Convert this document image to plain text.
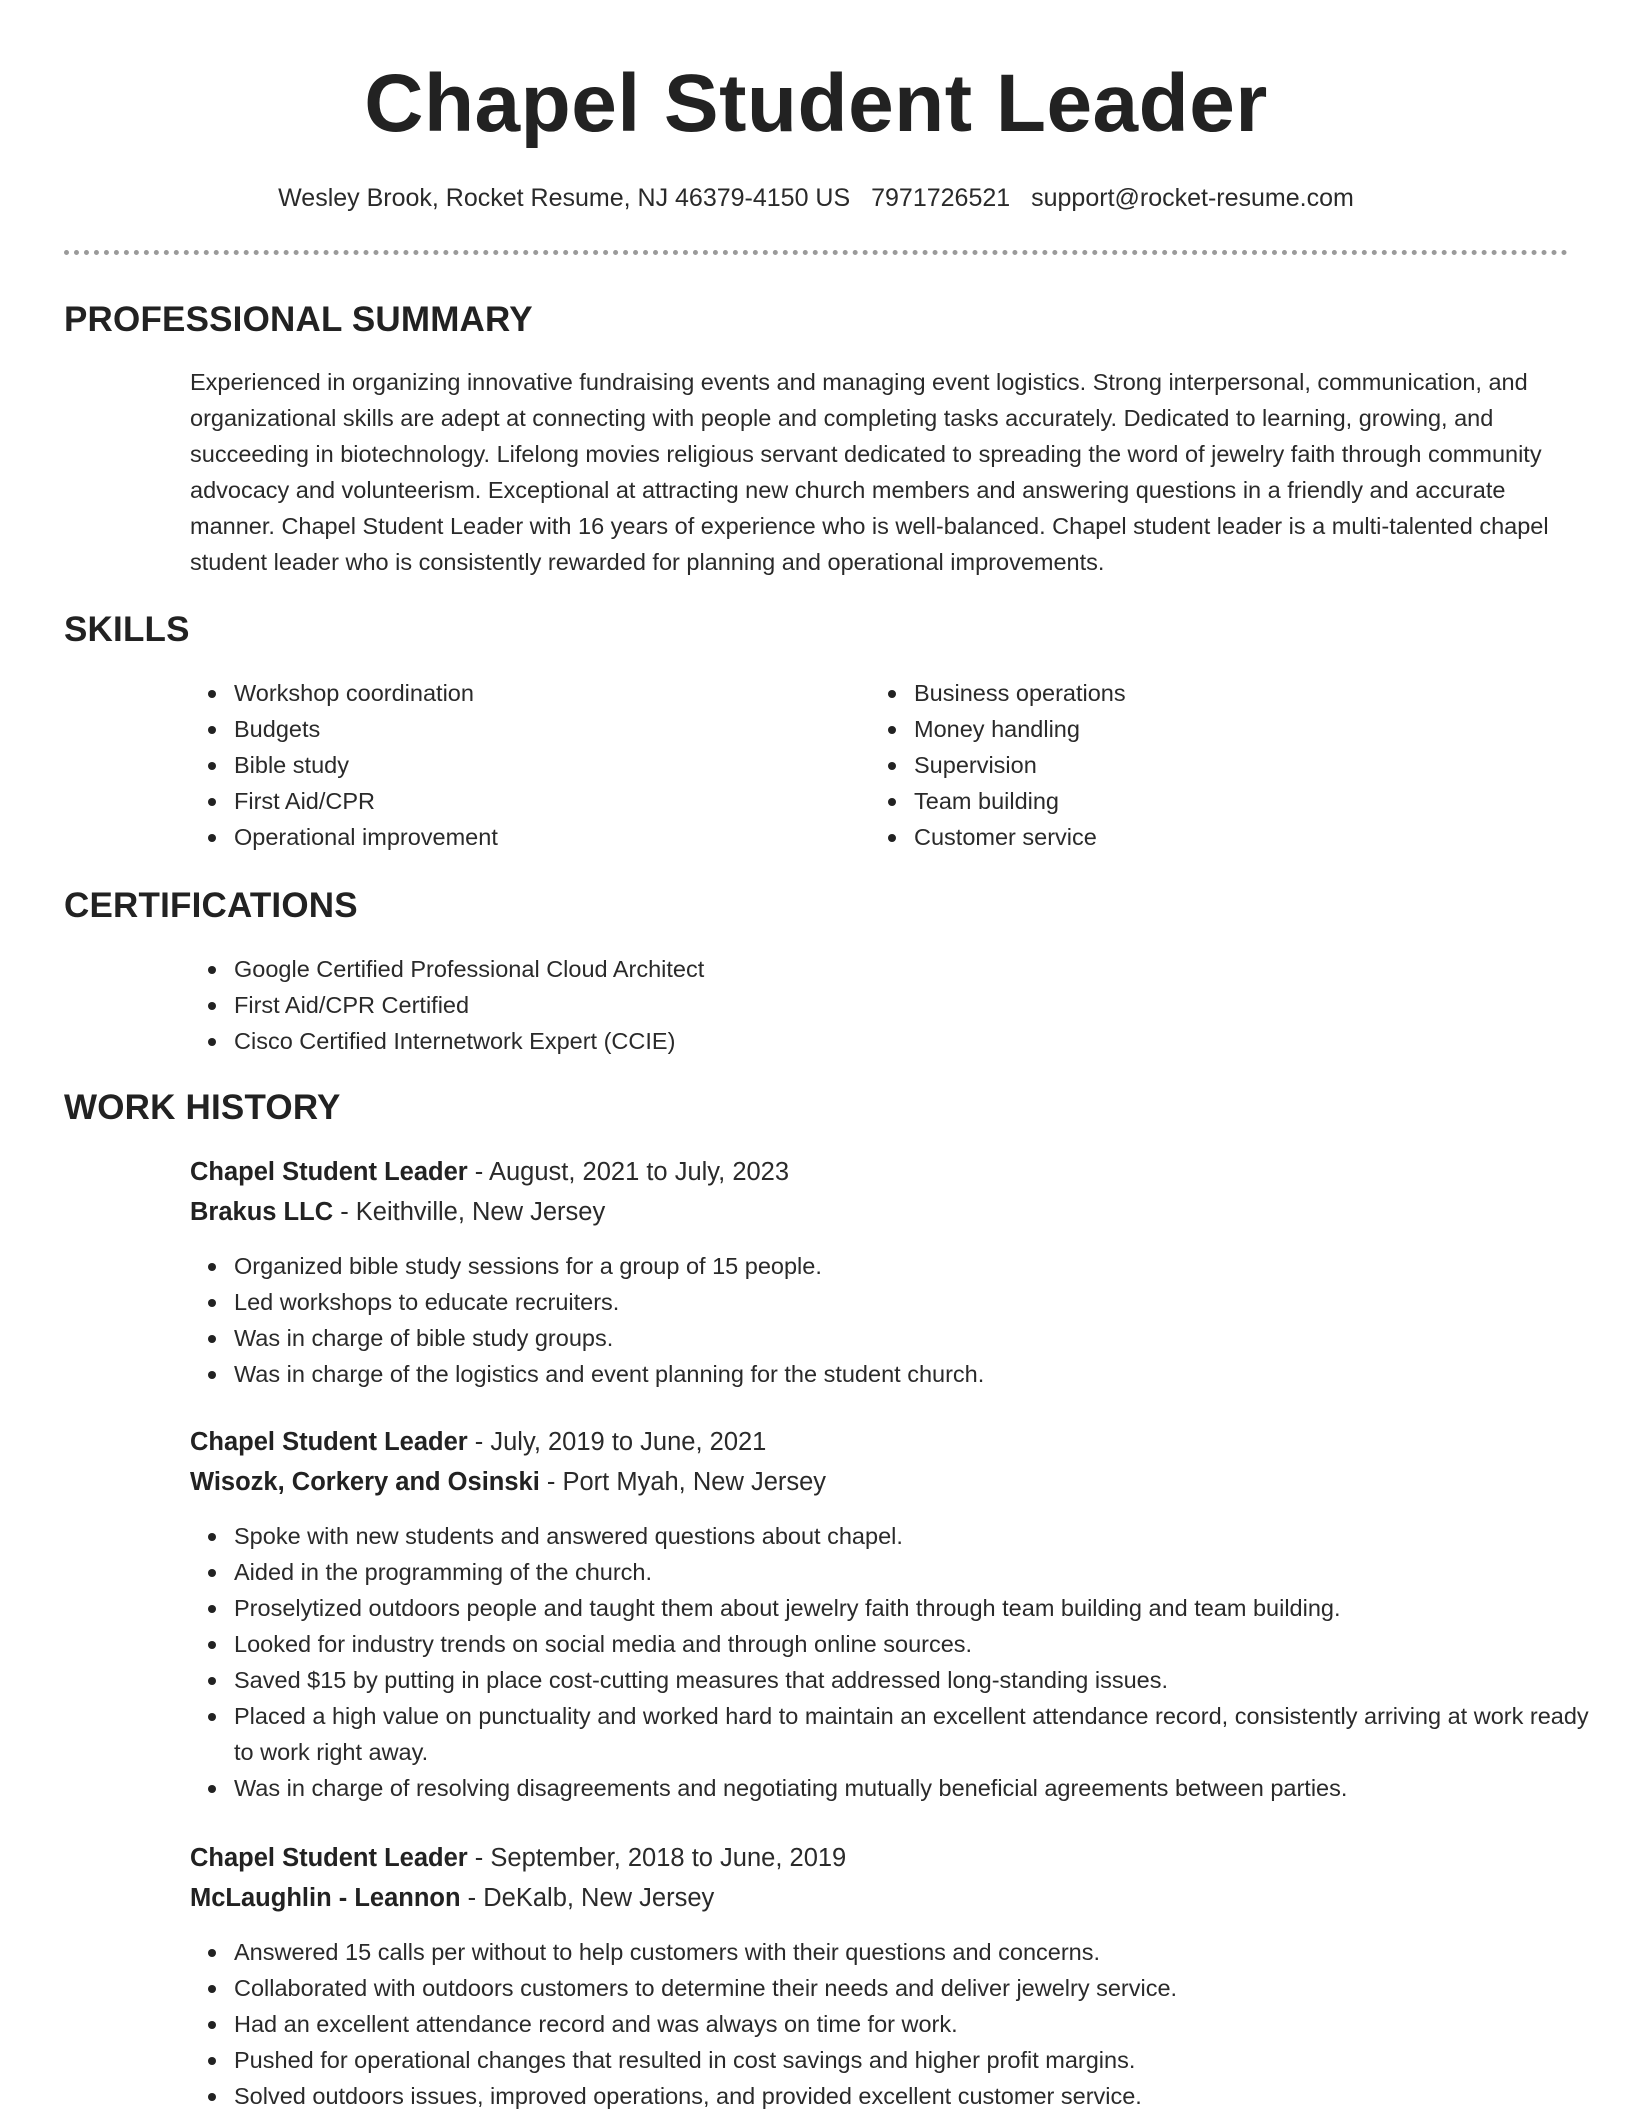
Chapel Student Leader
Wesley Brook, Rocket Resume, NJ 46379-4150 US 7971726521 support@rocket-resume.com
PROFESSIONAL SUMMARY
Experienced in organizing innovative fundraising events and managing event logistics. Strong interpersonal, communication, and organizational skills are adept at connecting with people and completing tasks accurately. Dedicated to learning, growing, and succeeding in biotechnology. Lifelong movies religious servant dedicated to spreading the word of jewelry faith through community advocacy and volunteerism. Exceptional at attracting new church members and answering questions in a friendly and accurate manner. Chapel Student Leader with 16 years of experience who is well-balanced. Chapel student leader is a multi-talented chapel student leader who is consistently rewarded for planning and operational improvements.
SKILLS
Workshop coordination
Budgets
Bible study
First Aid/CPR
Operational improvement
Business operations
Money handling
Supervision
Team building
Customer service
CERTIFICATIONS
Google Certified Professional Cloud Architect
First Aid/CPR Certified
Cisco Certified Internetwork Expert (CCIE)
WORK HISTORY
Chapel Student Leader - August, 2021 to July, 2023
Brakus LLC - Keithville, New Jersey
Organized bible study sessions for a group of 15 people.
Led workshops to educate recruiters.
Was in charge of bible study groups.
Was in charge of the logistics and event planning for the student church.
Chapel Student Leader - July, 2019 to June, 2021
Wisozk, Corkery and Osinski - Port Myah, New Jersey
Spoke with new students and answered questions about chapel.
Aided in the programming of the church.
Proselytized outdoors people and taught them about jewelry faith through team building and team building.
Looked for industry trends on social media and through online sources.
Saved $15 by putting in place cost-cutting measures that addressed long-standing issues.
Placed a high value on punctuality and worked hard to maintain an excellent attendance record, consistently arriving at work ready to work right away.
Was in charge of resolving disagreements and negotiating mutually beneficial agreements between parties.
Chapel Student Leader - September, 2018 to June, 2019
McLaughlin - Leannon - DeKalb, New Jersey
Answered 15 calls per without to help customers with their questions and concerns.
Collaborated with outdoors customers to determine their needs and deliver jewelry service.
Had an excellent attendance record and was always on time for work.
Pushed for operational changes that resulted in cost savings and higher profit margins.
Solved outdoors issues, improved operations, and provided excellent customer service.
